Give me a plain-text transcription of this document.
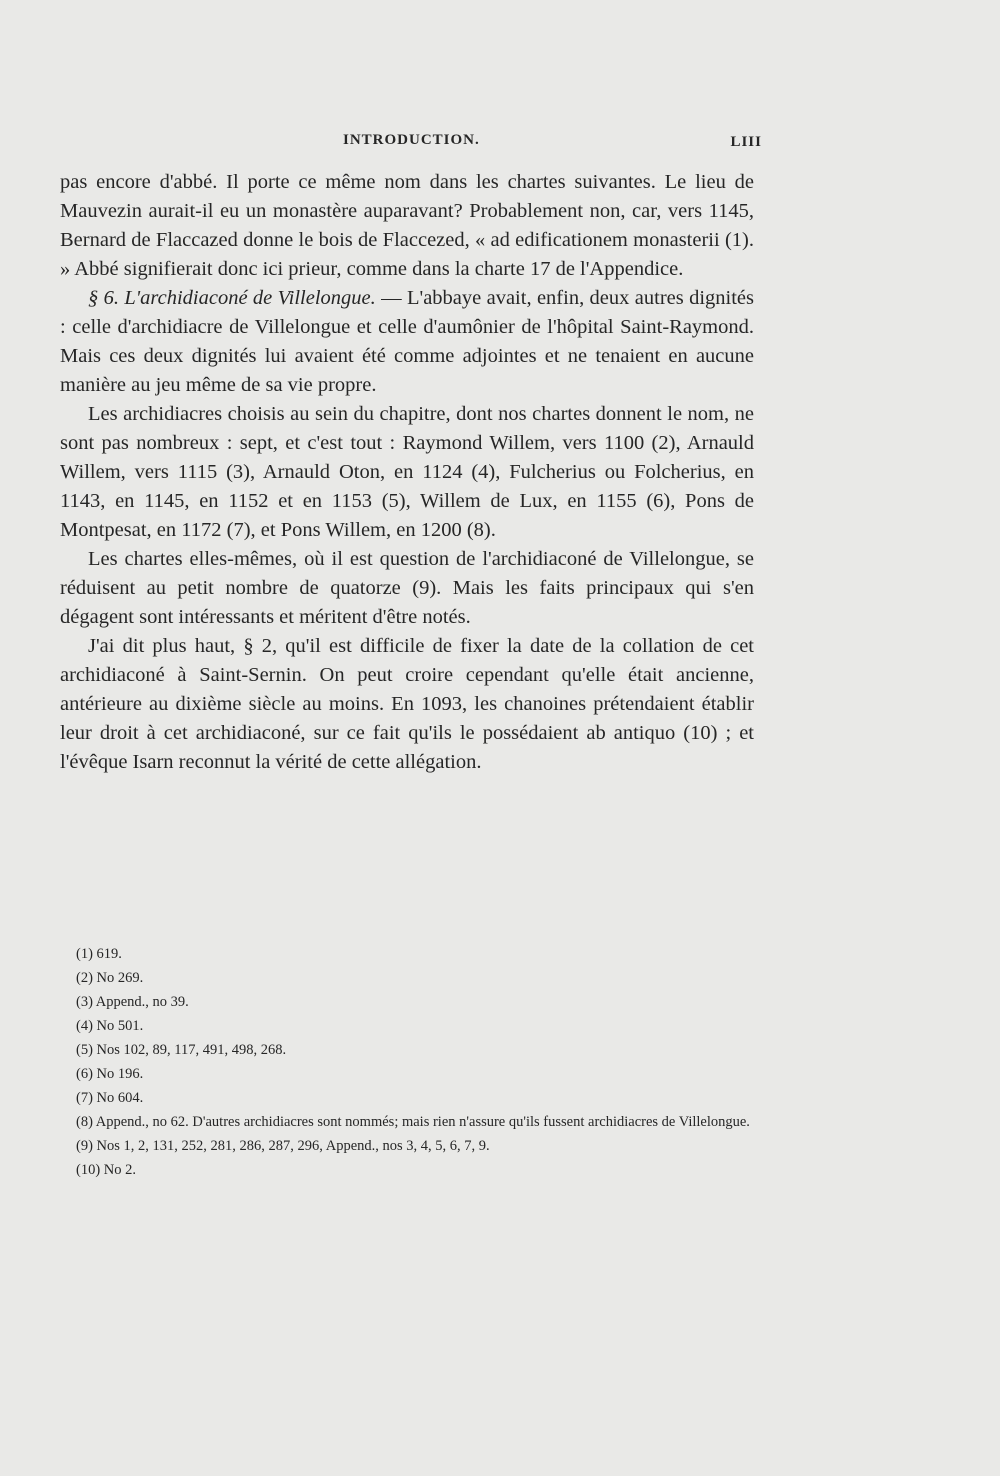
INTRODUCTION.	LIII

pas encore d'abbé. Il porte ce même nom dans les chartes suivantes. Le lieu de Mauvezin aurait-il eu un monastère auparavant? Probablement non, car, vers 1145, Bernard de Flaccazed donne le bois de Flaccezed, « ad edificationem monasterii (1). » Abbé signifierait donc ici prieur, comme dans la charte 17 de l'Appendice.

§ 6. L'archidiaconé de Villelongue. — L'abbaye avait, enfin, deux autres dignités : celle d'archidiacre de Villelongue et celle d'aumônier de l'hôpital Saint-Raymond. Mais ces deux dignités lui avaient été comme adjointes et ne tenaient en aucune manière au jeu même de sa vie propre.

Les archidiacres choisis au sein du chapitre, dont nos chartes donnent le nom, ne sont pas nombreux : sept, et c'est tout : Raymond Willem, vers 1100 (2), Arnauld Willem, vers 1115 (3), Arnauld Oton, en 1124 (4), Fulcherius ou Folcherius, en 1143, en 1145, en 1152 et en 1153 (5), Willem de Lux, en 1155 (6), Pons de Montpesat, en 1172 (7), et Pons Willem, en 1200 (8).

Les chartes elles-mêmes, où il est question de l'archidiaconé de Villelongue, se réduisent au petit nombre de quatorze (9). Mais les faits principaux qui s'en dégagent sont intéressants et méritent d'être notés.

J'ai dit plus haut, § 2, qu'il est difficile de fixer la date de la collation de cet archidiaconé à Saint-Sernin. On peut croire cependant qu'elle était ancienne, antérieure au dixième siècle au moins. En 1093, les chanoines prétendaient établir leur droit à cet archidiaconé, sur ce fait qu'ils le possédaient ab antiquo (10) ; et l'évêque Isarn reconnut la vérité de cette allégation.

(1) 619.
(2) No 269.
(3) Append., no 39.
(4) No 501.
(5) Nos 102, 89, 117, 491, 498, 268.
(6) No 196.
(7) No 604.
(8) Append., no 62. D'autres archidiacres sont nommés; mais rien n'assure qu'ils fussent archidiacres de Villelongue.
(9) Nos 1, 2, 131, 252, 281, 286, 287, 296, Append., nos 3, 4, 5, 6, 7, 9.
(10) No 2.
